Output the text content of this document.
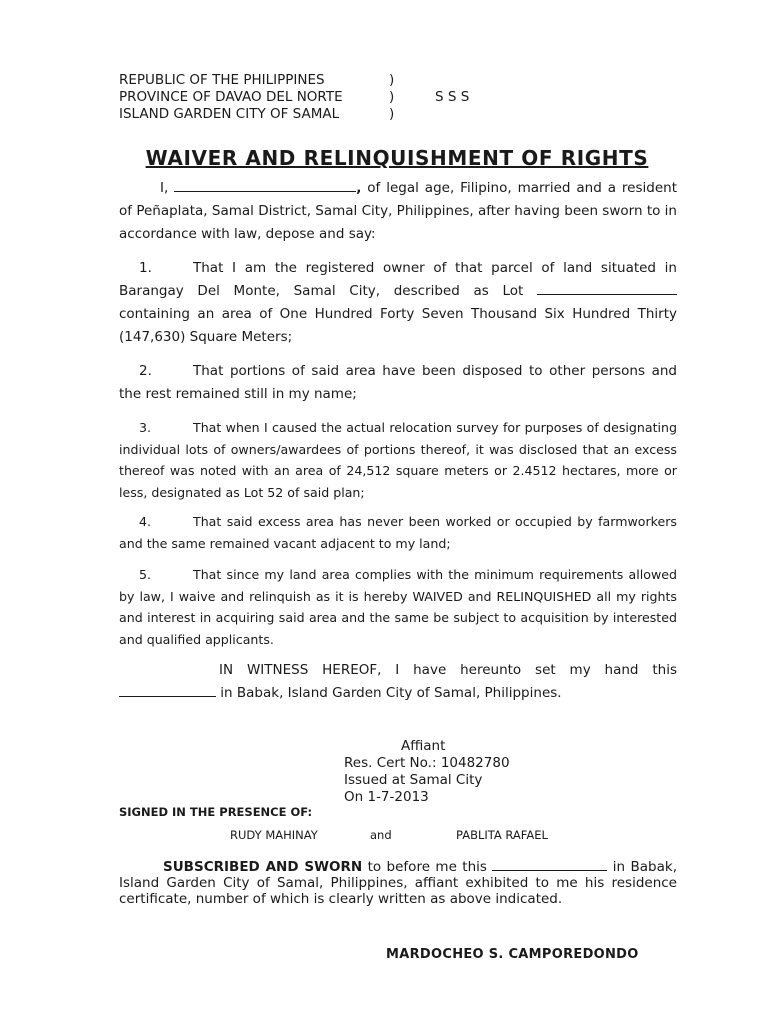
REPUBLIC OF THE PHILIPPINES	)
PROVINCE OF DAVAO DEL NORTE	)	S S S
ISLAND GARDEN CITY OF SAMAL	)
WAIVER AND RELINQUISHMENT OF RIGHTS

I,	, of legal age, Filipino, married and a resident of Peñaplata, Samal District, Samal City, Philippines, after having been sworn to in accordance with law, depose and say:

1.	That I am the registered owner of that parcel of land situated in Barangay Del Monte, Samal City, described as Lot  containing an area of One Hundred Forty Seven Thousand Six Hundred Thirty (147,630) Square Meters;

2.	That portions of said area have been disposed to other persons and the rest remained still in my name;

3.	That when I caused the actual relocation survey for purposes of designating individual lots of owners/awardees of portions thereof, it was disclosed that an excess thereof was noted with an area of 24,512 square meters or 2.4512 hectares, more or less, designated as Lot 52 of said plan;

4.	That said excess area has never been worked or occupied by farmworkers and the same remained vacant adjacent to my land;

5.	That since my land area complies with the minimum requirements allowed by law, I waive and relinquish as it is hereby WAIVED and RELINQUISHED all my rights and interest in acquiring said area and the same be subject to acquisition by interested and qualified applicants.

IN WITNESS HEREOF, I have hereunto set my hand this  in Babak, Island Garden City of Samal, Philippines.

Affiant
Res. Cert No.: 10482780
Issued at Samal City
On 1-7-2013
SIGNED IN THE PRESENCE OF:
RUDY MAHINAY	and	PABLITA RAFAEL

SUBSCRIBED AND SWORN to before me this	in Babak, Island Garden City of Samal, Philippines, affiant exhibited to me his residence certificate, number of which is clearly written as above indicated.

MARDOCHEO S. CAMPOREDONDO
